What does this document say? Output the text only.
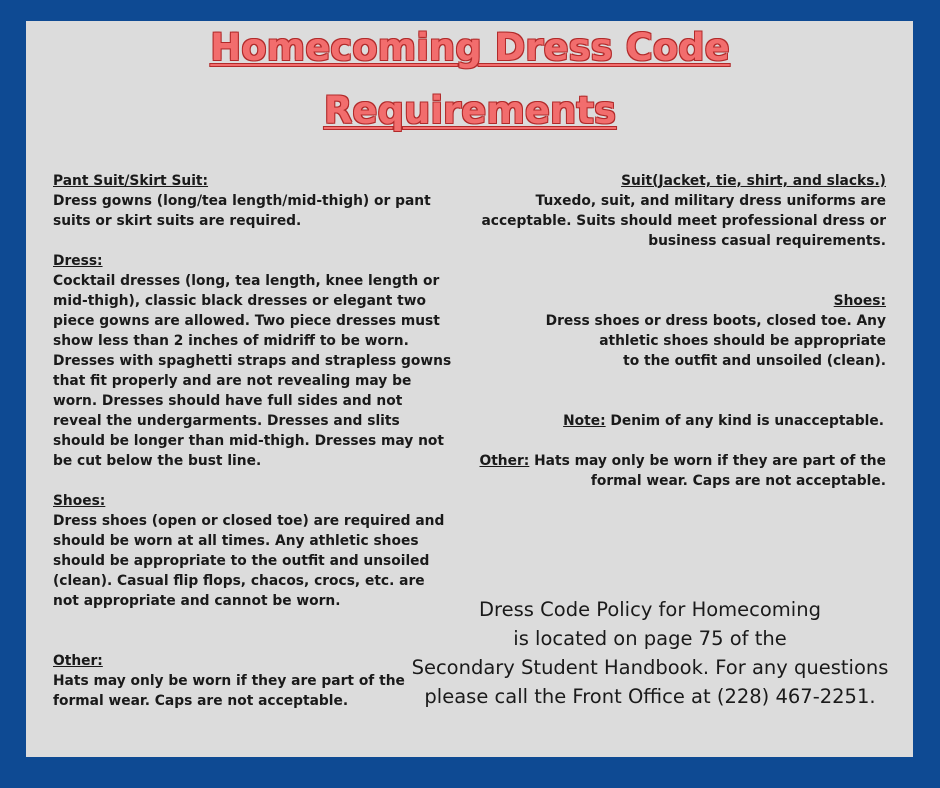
Homecoming Dress Code
Requirements
Pant Suit/Skirt Suit:
Dress gowns (long/tea length/mid-thigh) or pant
suits or skirt suits are required.
Dress:
Cocktail dresses (long, tea length, knee length or
mid-thigh), classic black dresses or elegant two
piece gowns are allowed. Two piece dresses must
show less than 2 inches of midriff to be worn.
Dresses with spaghetti straps and strapless gowns
that fit properly and are not revealing may be
worn. Dresses should have full sides and not
reveal the undergarments. Dresses and slits
should be longer than mid-thigh. Dresses may not
be cut below the bust line.
Shoes:
Dress shoes (open or closed toe) are required and
should be worn at all times. Any athletic shoes
should be appropriate to the outfit and unsoiled
(clean). Casual flip flops, chacos, crocs, etc. are
not appropriate and cannot be worn.
Other:
Hats may only be worn if they are part of the
formal wear. Caps are not acceptable.
Suit(Jacket, tie, shirt, and slacks.)
Tuxedo, suit, and military dress uniforms are
acceptable. Suits should meet professional dress or
business casual requirements.
Shoes:
Dress shoes or dress boots, closed toe. Any
athletic shoes should be appropriate
to the outfit and unsoiled (clean).
Note: Denim of any kind is unacceptable.
Other: Hats may only be worn if they are part of the
formal wear. Caps are not acceptable.
Dress Code Policy for Homecoming
is located on page 75 of the
Secondary Student Handbook. For any questions
please call the Front Office at (228) 467-2251.
